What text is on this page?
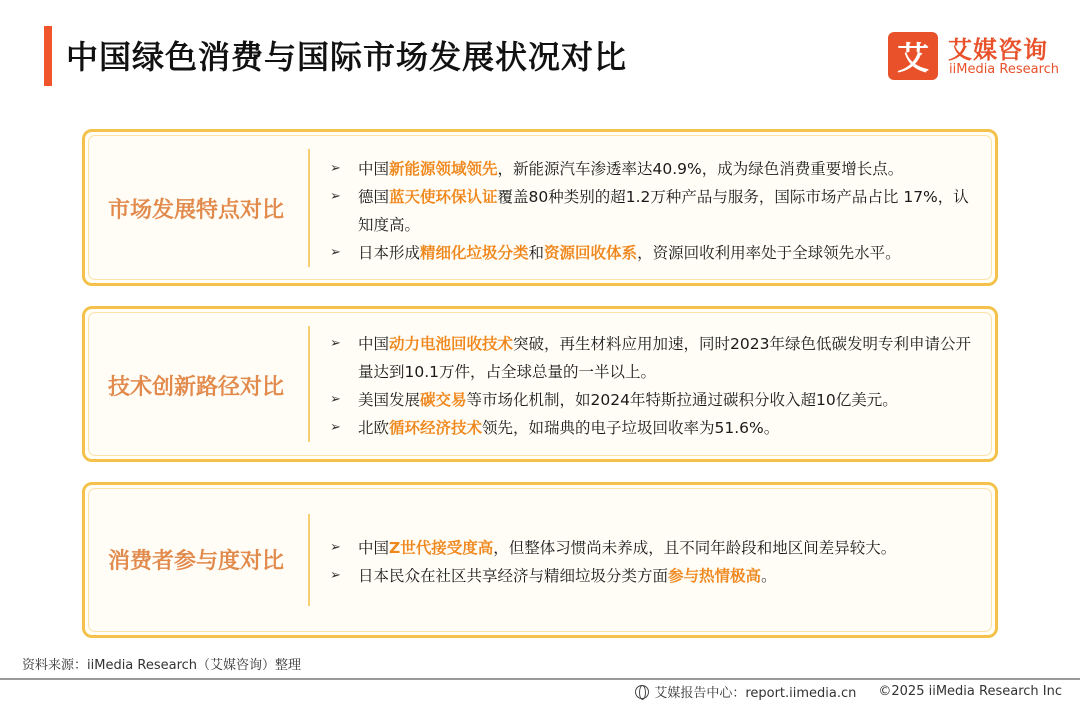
中国绿色消费与国际市场发展状况对比	艾 艾媒咨询
iiMedia Research
市场发展特点对比
➢ 中国新能源领域领先，新能源汽车渗透率达40.9%，成为绿色消费重要增长点。
➢ 德国蓝天使环保认证覆盖80种类别的超1.2万种产品与服务，国际市场产品占比 17%，认知度高。
➢ 日本形成精细化垃圾分类和资源回收体系，资源回收利用率处于全球领先水平。
技术创新路径对比
➢ 中国动力电池回收技术突破，再生材料应用加速，同时2023年绿色低碳发明专利申请公开量达到10.1万件，占全球总量的一半以上。
➢ 美国发展碳交易等市场化机制，如2024年特斯拉通过碳积分收入超10亿美元。
➢ 北欧循环经济技术领先，如瑞典的电子垃圾回收率为51.6%。
消费者参与度对比
➢ 中国Z世代接受度高，但整体习惯尚未养成，且不同年龄段和地区间差异较大。
➢ 日本民众在社区共享经济与精细垃圾分类方面参与热情极高。
资料来源：iiMedia Research（艾媒咨询）整理
艾媒报告中心：report.iimedia.cn ©2025 iiMedia Research Inc
